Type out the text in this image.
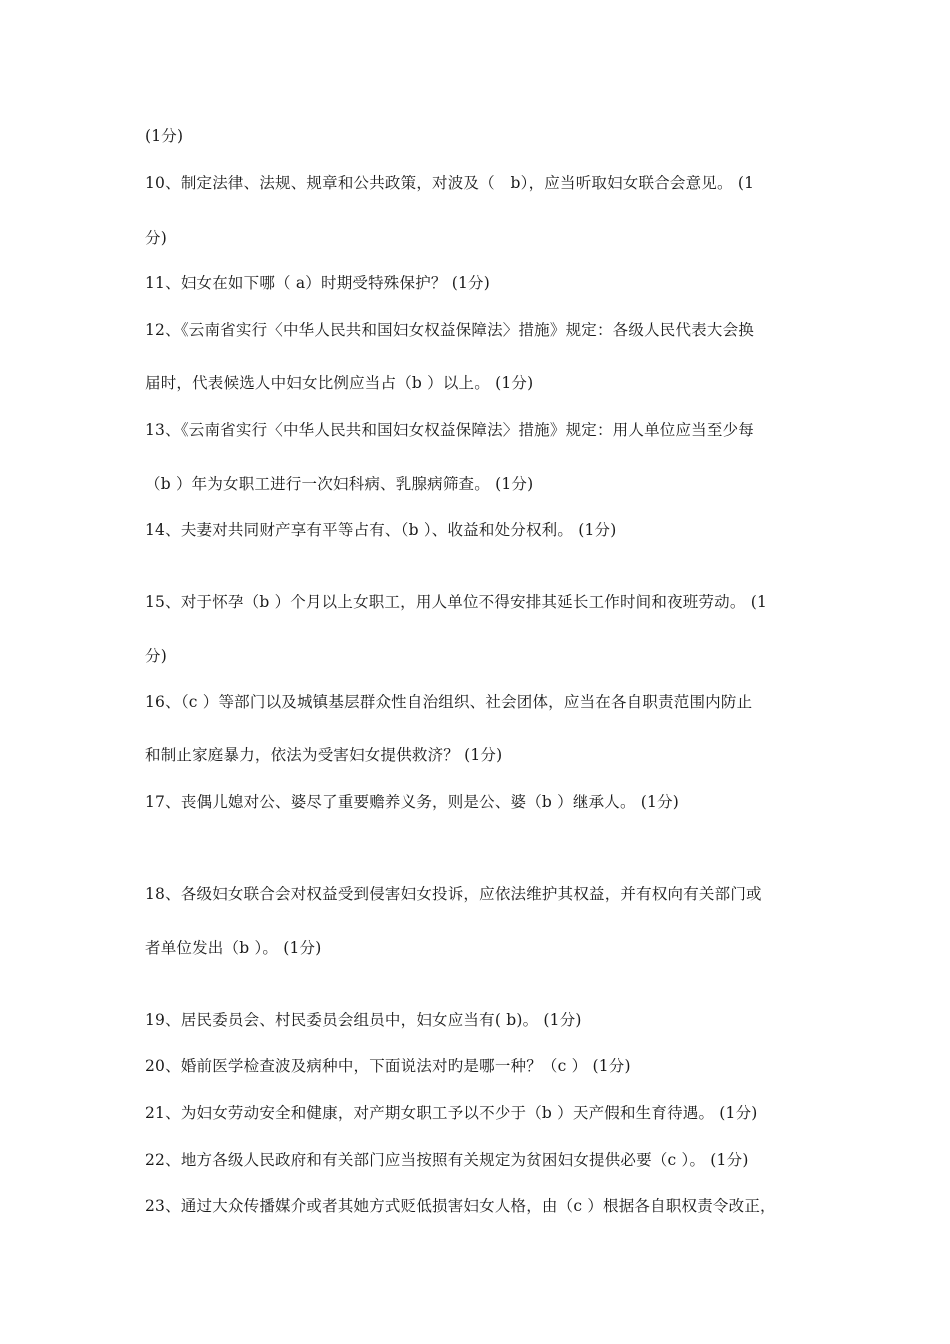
(1分)
10、制定法律、法规、规章和公共政策，对波及（　b），应当听取妇女联合会意见。 (1
分)
11、妇女在如下哪（ a）时期受特殊保护？ (1分)
12、《云南省实行〈中华人民共和国妇女权益保障法〉措施》规定：各级人民代表大会换
届时，代表候选人中妇女比例应当占（b ）以上。 (1分)
13、《云南省实行〈中华人民共和国妇女权益保障法〉措施》规定：用人单位应当至少每
（b ）年为女职工进行一次妇科病、乳腺病筛查。 (1分)
14、夫妻对共同财产享有平等占有、（b ）、收益和处分权利。 (1分)
15、对于怀孕（b ）个月以上女职工，用人单位不得安排其延长工作时间和夜班劳动。 (1
分)
16、（c ）等部门以及城镇基层群众性自治组织、社会团体，应当在各自职责范围内防止
和制止家庭暴力，依法为受害妇女提供救济？ (1分)
17、丧偶儿媳对公、婆尽了重要赡养义务，则是公、婆（b ）继承人。 (1分)
18、各级妇女联合会对权益受到侵害妇女投诉，应依法维护其权益，并有权向有关部门或
者单位发出（b ）。 (1分)
19、居民委员会、村民委员会组员中，妇女应当有( b)。 (1分)
20、婚前医学检查波及病种中，下面说法对旳是哪一种？（c ） (1分)
21、为妇女劳动安全和健康，对产期女职工予以不少于（b ）天产假和生育待遇。 (1分)
22、地方各级人民政府和有关部门应当按照有关规定为贫困妇女提供必要（c ）。 (1分)
23、通过大众传播媒介或者其她方式贬低损害妇女人格，由（c ）根据各自职权责令改正，
